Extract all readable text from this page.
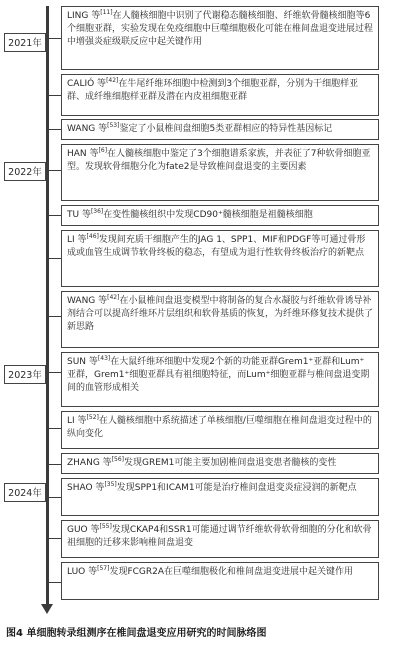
2021年
2022年
2023年
2024年
LING 等[11]在人髓核细胞中识别了代谢稳态髓核细胞、纤维软骨髓核细胞等6个细胞亚群，实验发现在免疫细胞中巨噬细胞极化可能在椎间盘退变进展过程中增强炎症级联反应中起关键作用
CALIÓ 等[42]在牛尾纤维环细胞中检测到3个细胞亚群，分别为干细胞样亚群、成纤维细胞样亚群及潜在内皮祖细胞亚群
WANG 等[53]鉴定了小鼠椎间盘细胞5类亚群相应的特异性基因标记
HAN 等[6]在人髓核细胞中鉴定了3个细胞谱系家族，并表征了7种软骨细胞亚型。发现软骨细胞分化为fate2是导致椎间盘退变的主要因素
TU 等[36]在变性髓核组织中发现CD90⁺髓核细胞是祖髓核细胞
LI 等[46]发现间充质干细胞产生的JAG 1、SPP1、MIF和PDGF等可通过骨形成或血管生成调节软骨终板的稳态，有望成为退行性软骨终板治疗的新靶点
WANG 等[42]在小鼠椎间盘退变模型中将制备的复合水凝胶与纤维软骨诱导补剂结合可以提高纤维环片层组织和软骨基质的恢复，为纤维环修复技术提供了新思路
SUN 等[43]在大鼠纤维环细胞中发现2个新的功能亚群Grem1⁺亚群和Lum⁺亚群，Grem1⁺细胞亚群具有祖细胞特征，而Lum⁺细胞亚群与椎间盘退变期间的血管形成相关
LI 等[52]在人髓核细胞中系统描述了单核细胞/巨噬细胞在椎间盘退变过程中的纵向变化
ZHANG 等[56]发现GREM1可能主要加剧椎间盘退变患者髓核的变性
SHAO 等[35]发现SPP1和ICAM1可能是治疗椎间盘退变炎症浸润的新靶点
GUO 等[55]发现CKAP4和SSR1可能通过调节纤维软骨软骨细胞的分化和软骨祖细胞的迁移来影响椎间盘退变
LUO 等[57]发现FCGR2A在巨噬细胞极化和椎间盘退变进展中起关键作用
图4 单细胞转录组测序在椎间盘退变应用研究的时间脉络图
